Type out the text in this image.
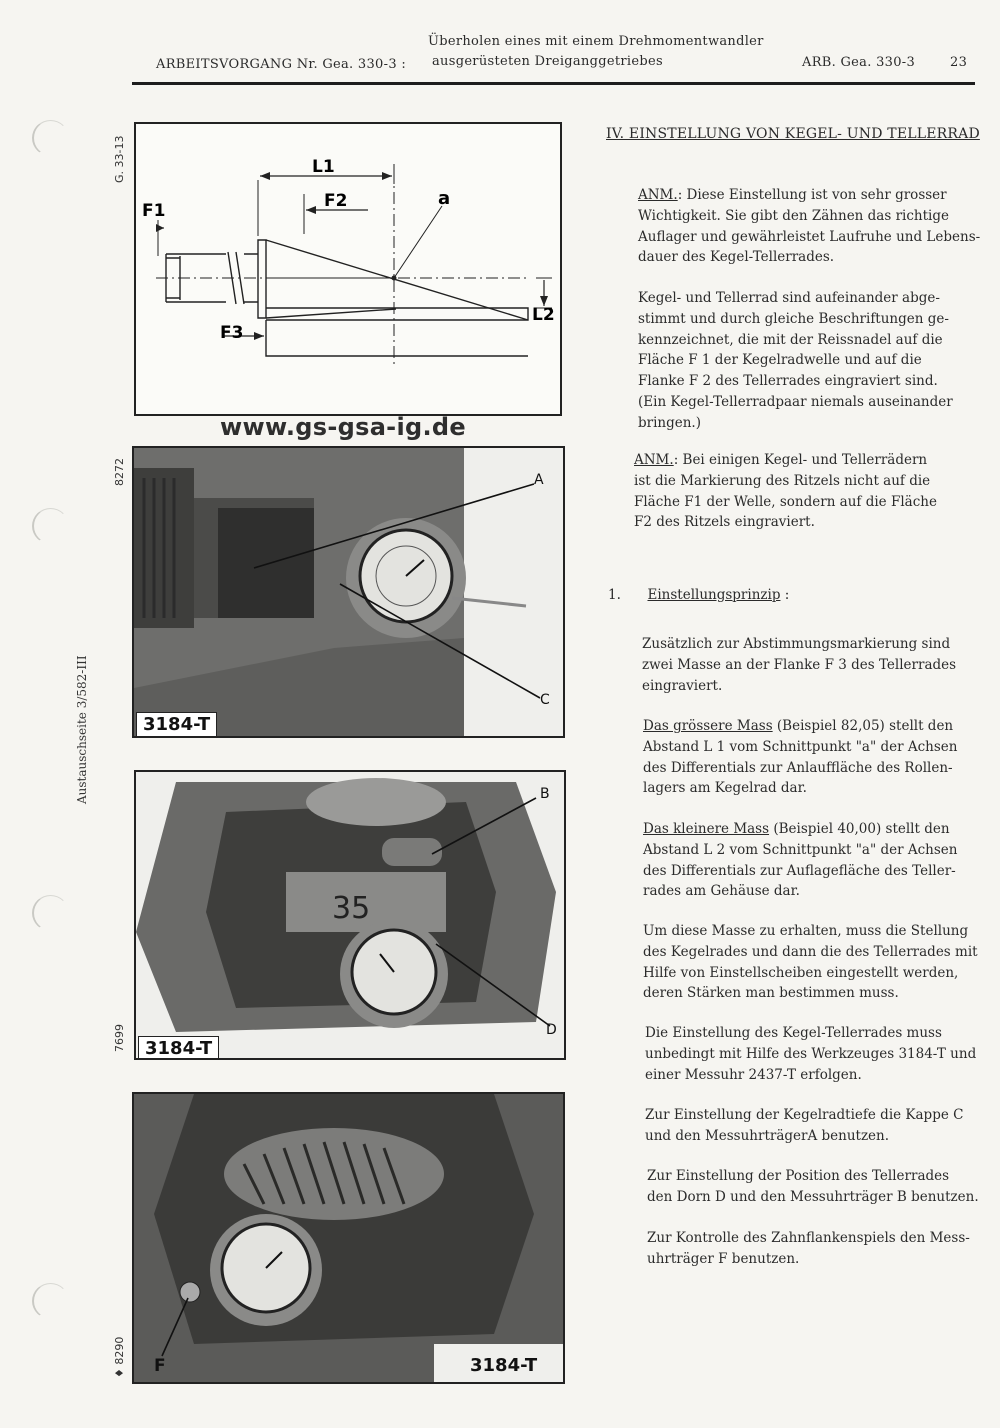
ARBEITSVORGANG Nr. Gea. 330-3 :
Überholen eines mit einem Drehmomentwandler
ausgerüsteten Dreiganggetriebes	ARB. Gea. 330-3	23
G. 33-13
8272
7699
♦ 8290
Austauschseite 3/582-III
L1
F2	a
F1
L2
F3
www.gs-gsa-ig.de
A
C
3184-T
35
B
D
3184-T
F	3184-T
IV. EINSTELLUNG VON KEGEL- UND TELLERRAD
ANM.: Diese Einstellung ist von sehr grosser
Wichtigkeit. Sie gibt den Zähnen das richtige
Auflager und gewährleistet Laufruhe und Lebens-
dauer des Kegel-Tellerrades.
Kegel- und Tellerrad sind aufeinander abge-
stimmt und durch gleiche Beschriftungen ge-
kennzeichnet, die mit der Reissnadel auf die
Fläche F 1 der Kegelradwelle und auf die
Flanke F 2 des Tellerrades eingraviert sind.
(Ein Kegel-Tellerradpaar niemals auseinander
bringen.)
ANM.: Bei einigen Kegel- und Tellerrädern
ist die Markierung des Ritzels nicht auf die
Fläche F1 der Welle, sondern auf die Fläche
F2 des Ritzels eingraviert.
1. Einstellungsprinzip :
Zusätzlich zur Abstimmungsmarkierung sind
zwei Masse an der Flanke F 3 des Tellerrades
eingraviert.
Das grössere Mass (Beispiel 82,05) stellt den
Abstand L 1 vom Schnittpunkt "a" der Achsen
des Differentials zur Anlauffläche des Rollen-
lagers am Kegelrad dar.
Das kleinere Mass (Beispiel 40,00) stellt den
Abstand L 2 vom Schnittpunkt "a" der Achsen
des Differentials zur Auflagefläche des Teller-
rades am Gehäuse dar.
Um diese Masse zu erhalten, muss die Stellung
des Kegelrades und dann die des Tellerrades mit
Hilfe von Einstellscheiben eingestellt werden,
deren Stärken man bestimmen muss.
Die Einstellung des Kegel-Tellerrades muss
unbedingt mit Hilfe des Werkzeuges 3184-T und
einer Messuhr 2437-T erfolgen.
Zur Einstellung der Kegelradtiefe die Kappe C
und den MessuhrträgerA benutzen.
Zur Einstellung der Position des Tellerrades
den Dorn D und den Messuhrträger B benutzen.
Zur Kontrolle des Zahnflankenspiels den Mess-
uhrträger F benutzen.
